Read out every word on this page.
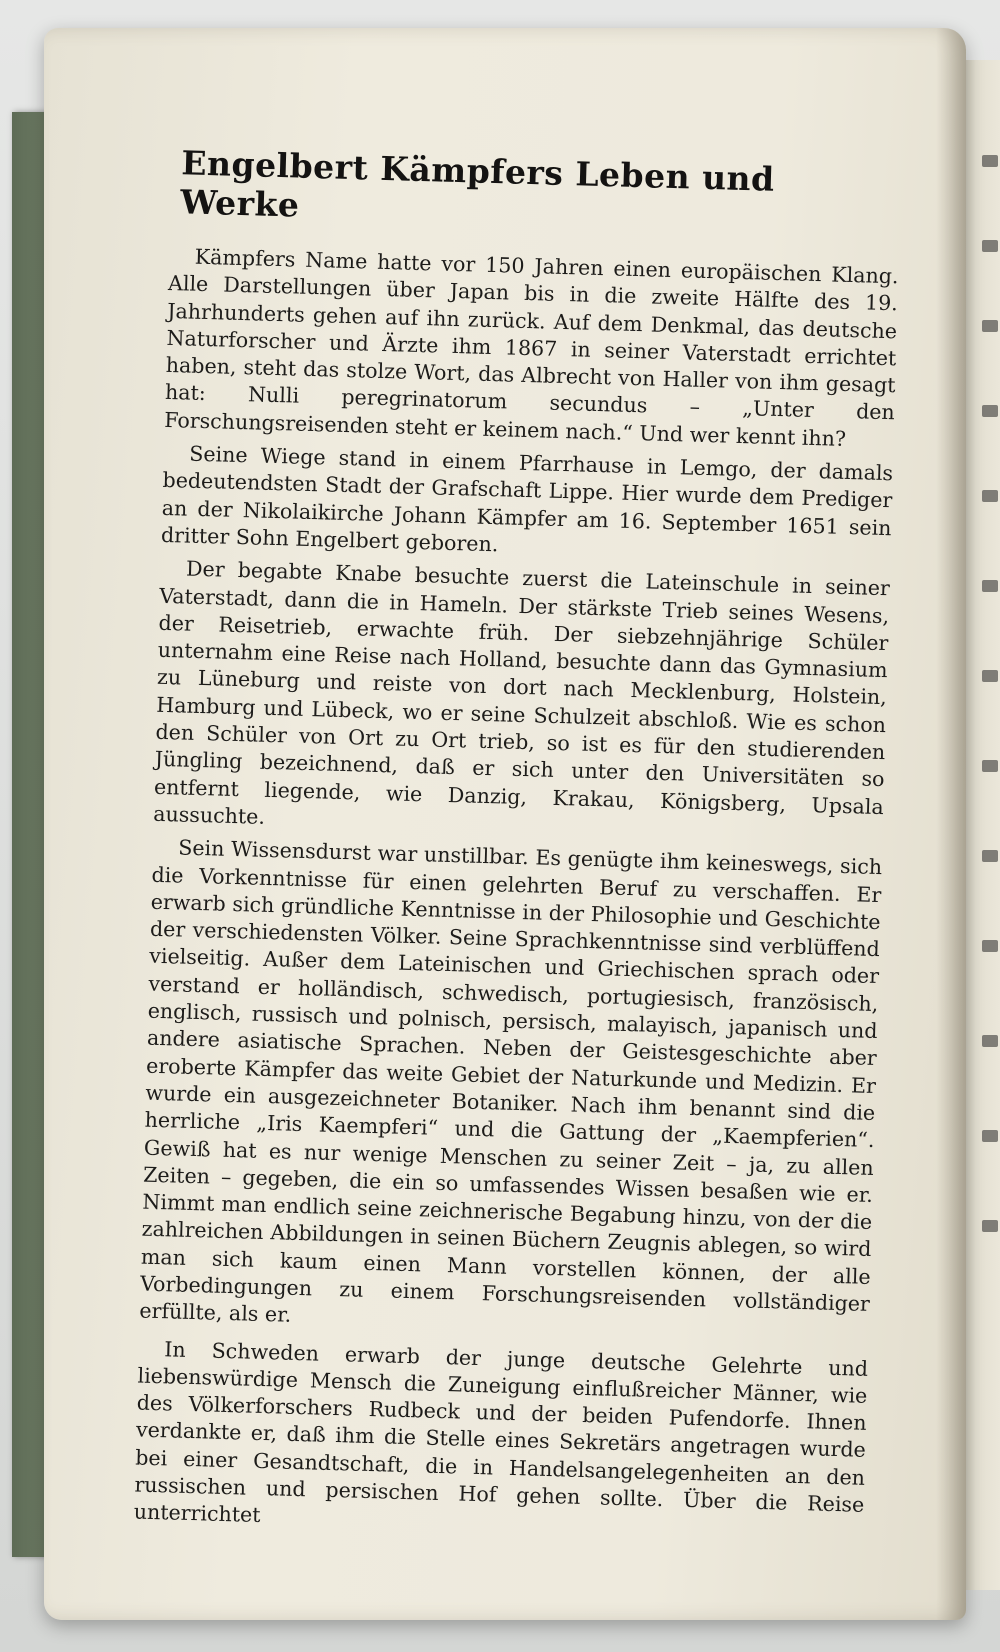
Engelbert Kämpfers Leben und Werke

Kämpfers Name hatte vor 150 Jahren einen europäischen Klang. Alle Darstellungen über Japan bis in die zweite Hälfte des 19. Jahrhunderts gehen auf ihn zurück. Auf dem Denkmal, das deutsche Naturforscher und Ärzte ihm 1867 in seiner Vaterstadt errichtet haben, steht das stolze Wort, das Albrecht von Haller von ihm gesagt hat: Nulli peregrinatorum secundus – „Unter den Forschungsreisenden steht er keinem nach.“ Und wer kennt ihn?

Seine Wiege stand in einem Pfarrhause in Lemgo, der damals bedeutendsten Stadt der Grafschaft Lippe. Hier wurde dem Prediger an der Nikolaikirche Johann Kämpfer am 16. September 1651 sein dritter Sohn Engelbert geboren.

Der begabte Knabe besuchte zuerst die Lateinschule in seiner Vaterstadt, dann die in Hameln. Der stärkste Trieb seines Wesens, der Reisetrieb, erwachte früh. Der siebzehnjährige Schüler unternahm eine Reise nach Holland, besuchte dann das Gymnasium zu Lüneburg und reiste von dort nach Mecklenburg, Holstein, Hamburg und Lübeck, wo er seine Schulzeit abschloß. Wie es schon den Schüler von Ort zu Ort trieb, so ist es für den studierenden Jüngling bezeichnend, daß er sich unter den Universitäten so entfernt liegende, wie Danzig, Krakau, Königsberg, Upsala aussuchte.

Sein Wissensdurst war unstillbar. Es genügte ihm keineswegs, sich die Vorkenntnisse für einen gelehrten Beruf zu verschaffen. Er erwarb sich gründliche Kenntnisse in der Philosophie und Geschichte der verschiedensten Völker. Seine Sprachkenntnisse sind verblüffend vielseitig. Außer dem Lateinischen und Griechischen sprach oder verstand er holländisch, schwedisch, portugiesisch, französisch, englisch, russisch und polnisch, persisch, malayisch, japanisch und andere asiatische Sprachen. Neben der Geistesgeschichte aber eroberte Kämpfer das weite Gebiet der Naturkunde und Medizin. Er wurde ein ausgezeichneter Botaniker. Nach ihm benannt sind die herrliche „Iris Kaempferi“ und die Gattung der „Kaempferien“. Gewiß hat es nur wenige Menschen zu seiner Zeit – ja, zu allen Zeiten – gegeben, die ein so umfassendes Wissen besaßen wie er. Nimmt man endlich seine zeichnerische Begabung hinzu, von der die zahlreichen Abbildungen in seinen Büchern Zeugnis ablegen, so wird man sich kaum einen Mann vorstellen können, der alle Vorbedingungen zu einem Forschungsreisenden vollständiger erfüllte, als er.

In Schweden erwarb der junge deutsche Gelehrte und liebenswürdige Mensch die Zuneigung einflußreicher Männer, wie des Völkerforschers Rudbeck und der beiden Pufendorfe. Ihnen verdankte er, daß ihm die Stelle eines Sekretärs angetragen wurde bei einer Gesandtschaft, die in Handelsangelegenheiten an den russischen und persischen Hof gehen sollte. Über die Reise unterrichtet
